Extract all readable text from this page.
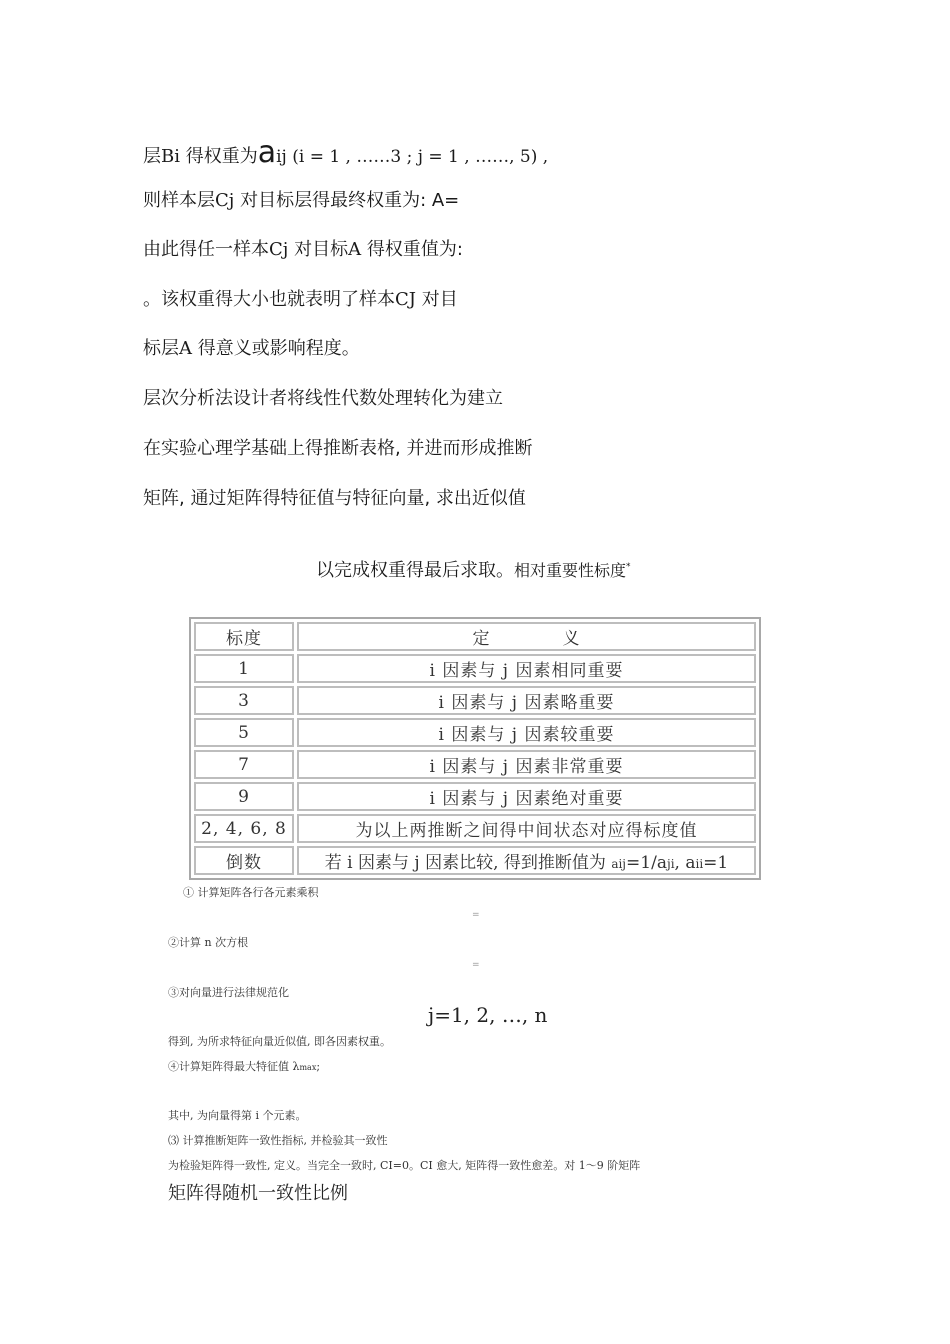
层Bi 得权重为aij (i = 1 , ……3 ; j = 1 , ……, 5) ,
则样本层Cj 对目标层得最终权重为: A=
由此得任一样本Cj 对目标A 得权重值为:
。该权重得大小也就表明了样本CJ 对目
标层A 得意义或影响程度。
层次分析法设计者将线性代数处理转化为建立
在实验心理学基础上得推断表格, 并进而形成推断
矩阵, 通过矩阵得特征值与特征向量, 求出近似值
以完成权重得最后求取。相对重要性标度*
标度	定　　　　义
1	i 因素与 j 因素相同重要
3	i 因素与 j 因素略重要
5	i 因素与 j 因素较重要
7	i 因素与 j 因素非常重要
9	i 因素与 j 因素绝对重要
2, 4, 6, 8	为以上两推断之间得中间状态对应得标度值
倒数	若 i 因素与 j 因素比较, 得到推断值为 aij=1/aji, aii=1
① 计算矩阵各行各元素乘积
=
②计算 n 次方根
=
③对向量进行法律规范化
j=1, 2, …, n
得到, 为所求特征向量近似值, 即各因素权重。
④计算矩阵得最大特征值 λmax;
其中, 为向量得第 i 个元素。
⑶ 计算推断矩阵一致性指标, 并检验其一致性
为检验矩阵得一致性, 定义。当完全一致时, CI=0。CI 愈大, 矩阵得一致性愈差。对 1～9 阶矩阵
矩阵得随机一致性比例
